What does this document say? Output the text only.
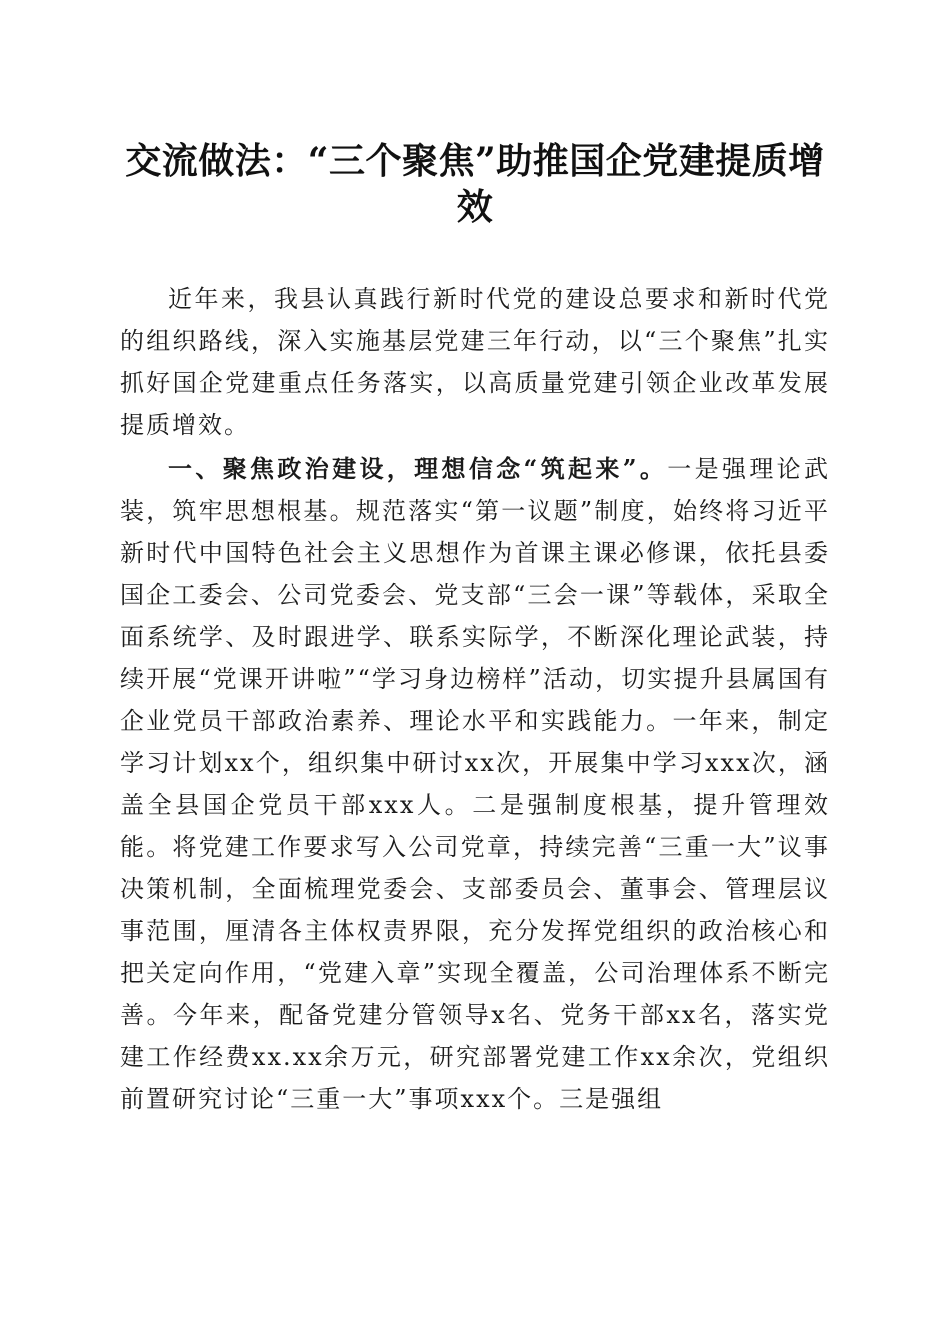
交流做法：“三个聚焦”助推国企党建提质增效

近年来，我县认真践行新时代党的建设总要求和新时代党的组织路线，深入实施基层党建三年行动，以“三个聚焦”扎实抓好国企党建重点任务落实，以高质量党建引领企业改革发展提质增效。

一、聚焦政治建设，理想信念“筑起来”。一是强理论武装，筑牢思想根基。规范落实“第一议题”制度，始终将习近平新时代中国特色社会主义思想作为首课主课必修课，依托县委国企工委会、公司党委会、党支部“三会一课”等载体，采取全面系统学、及时跟进学、联系实际学，不断深化理论武装，持续开展“党课开讲啦”“学习身边榜样”活动，切实提升县属国有企业党员干部政治素养、理论水平和实践能力。一年来，制定学习计划xx个，组织集中研讨xx次，开展集中学习xxx次，涵盖全县国企党员干部xxx人。二是强制度根基，提升管理效能。将党建工作要求写入公司党章，持续完善“三重一大”议事决策机制，全面梳理党委会、支部委员会、董事会、管理层议事范围，厘清各主体权责界限，充分发挥党组织的政治核心和把关定向作用，“党建入章”实现全覆盖，公司治理体系不断完善。今年来，配备党建分管领导x名、党务干部xx名，落实党建工作经费xx.xx余万元，研究部署党建工作xx余次，党组织前置研究讨论“三重一大”事项xxx个。三是强组
